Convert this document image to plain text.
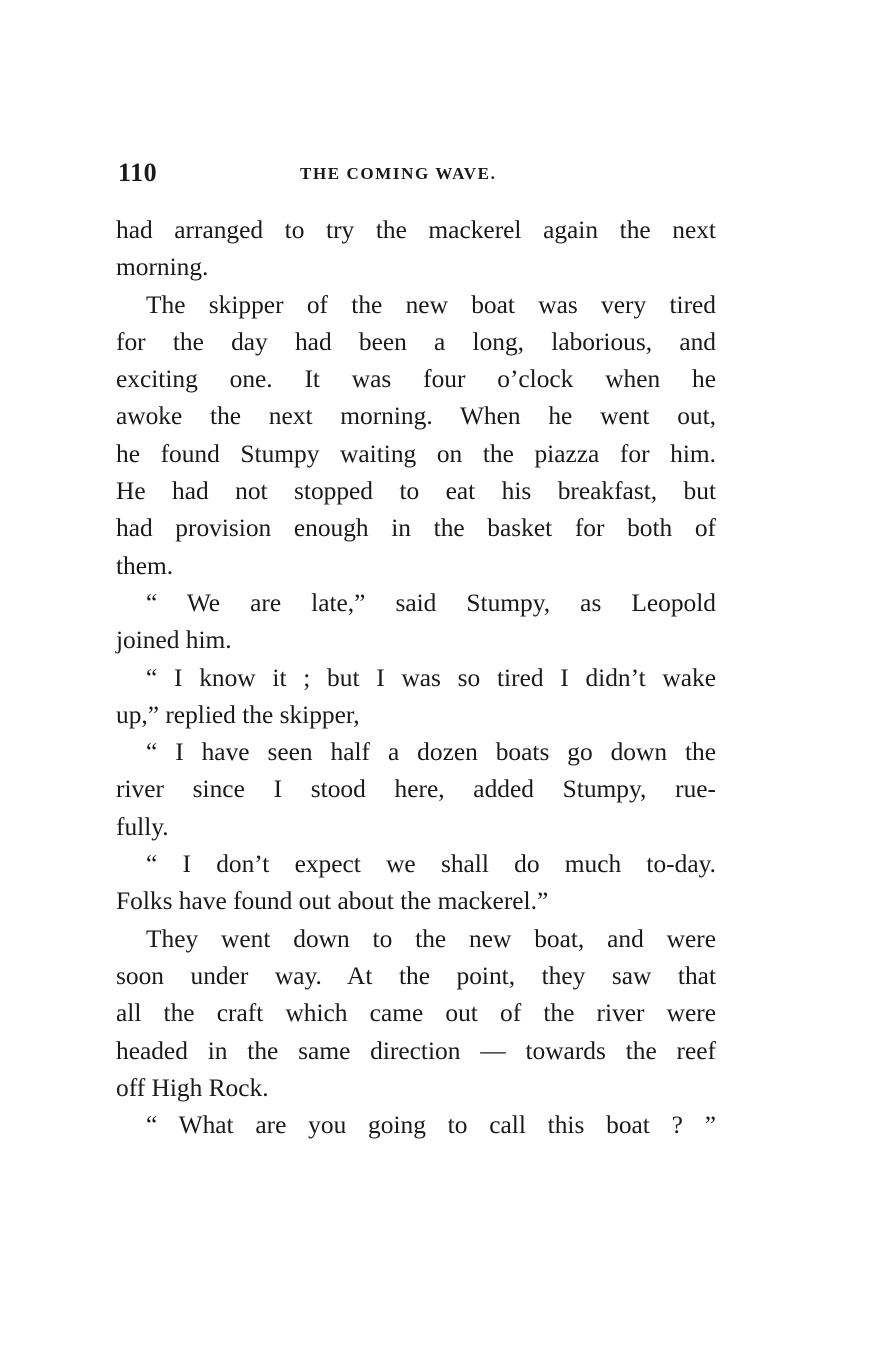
110	THE COMING WAVE.
had arranged to try the mackerel again the next
morning.
The skipper of the new boat was very tired
for the day had been a long, laborious, and
exciting one. It was four o’clock when he
awoke the next morning. When he went out,
he found Stumpy waiting on the piazza for him.
He had not stopped to eat his breakfast, but
had provision enough in the basket for both of
them.
“ We are late,” said Stumpy, as Leopold
joined him.
“ I know it ; but I was so tired I didn’t wake
up,” replied the skipper,
“ I have seen half a dozen boats go down the
river since I stood here, added Stumpy, rue-
fully.
“ I don’t expect we shall do much to-day.
Folks have found out about the mackerel.”
They went down to the new boat, and were
soon under way. At the point, they saw that
all the craft which came out of the river were
headed in the same direction — towards the reef
off High Rock.
“ What are you going to call this boat ? ”
